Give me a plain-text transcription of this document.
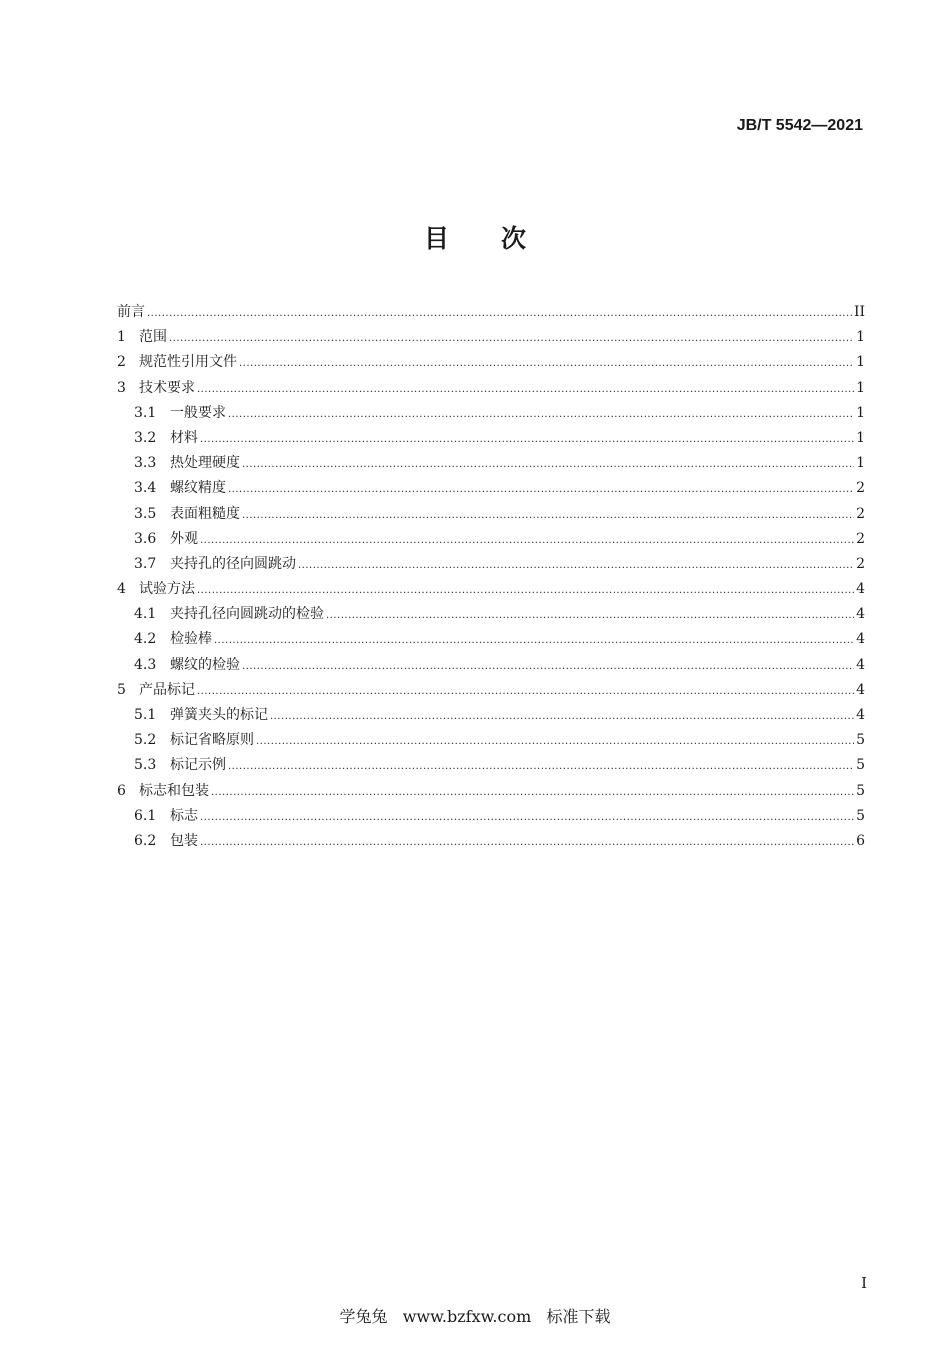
JB/T 5542—2021
目次
前言 .....	II
1 范围 .....	1
2 规范性引用文件 .....	1
3 技术要求 .....	1
3.1 一般要求 .....	1
3.2 材料 .....	1
3.3 热处理硬度 .....	1
3.4 螺纹精度 .....	2
3.5 表面粗糙度 .....	2
3.6 外观 .....	2
3.7 夹持孔的径向圆跳动 .....	2
4 试验方法 .....	4
4.1 夹持孔径向圆跳动的检验 .....	4
4.2 检验棒 .....	4
4.3 螺纹的检验 .....	4
5 产品标记 .....	4
5.1 弹簧夹头的标记 .....	4
5.2 标记省略原则 .....	5
5.3 标记示例 .....	5
6 标志和包装 .....	5
6.1 标志 .....	5
6.2 包装 .....	6
I
学兔兔   www.bzfxw.com   标准下载
